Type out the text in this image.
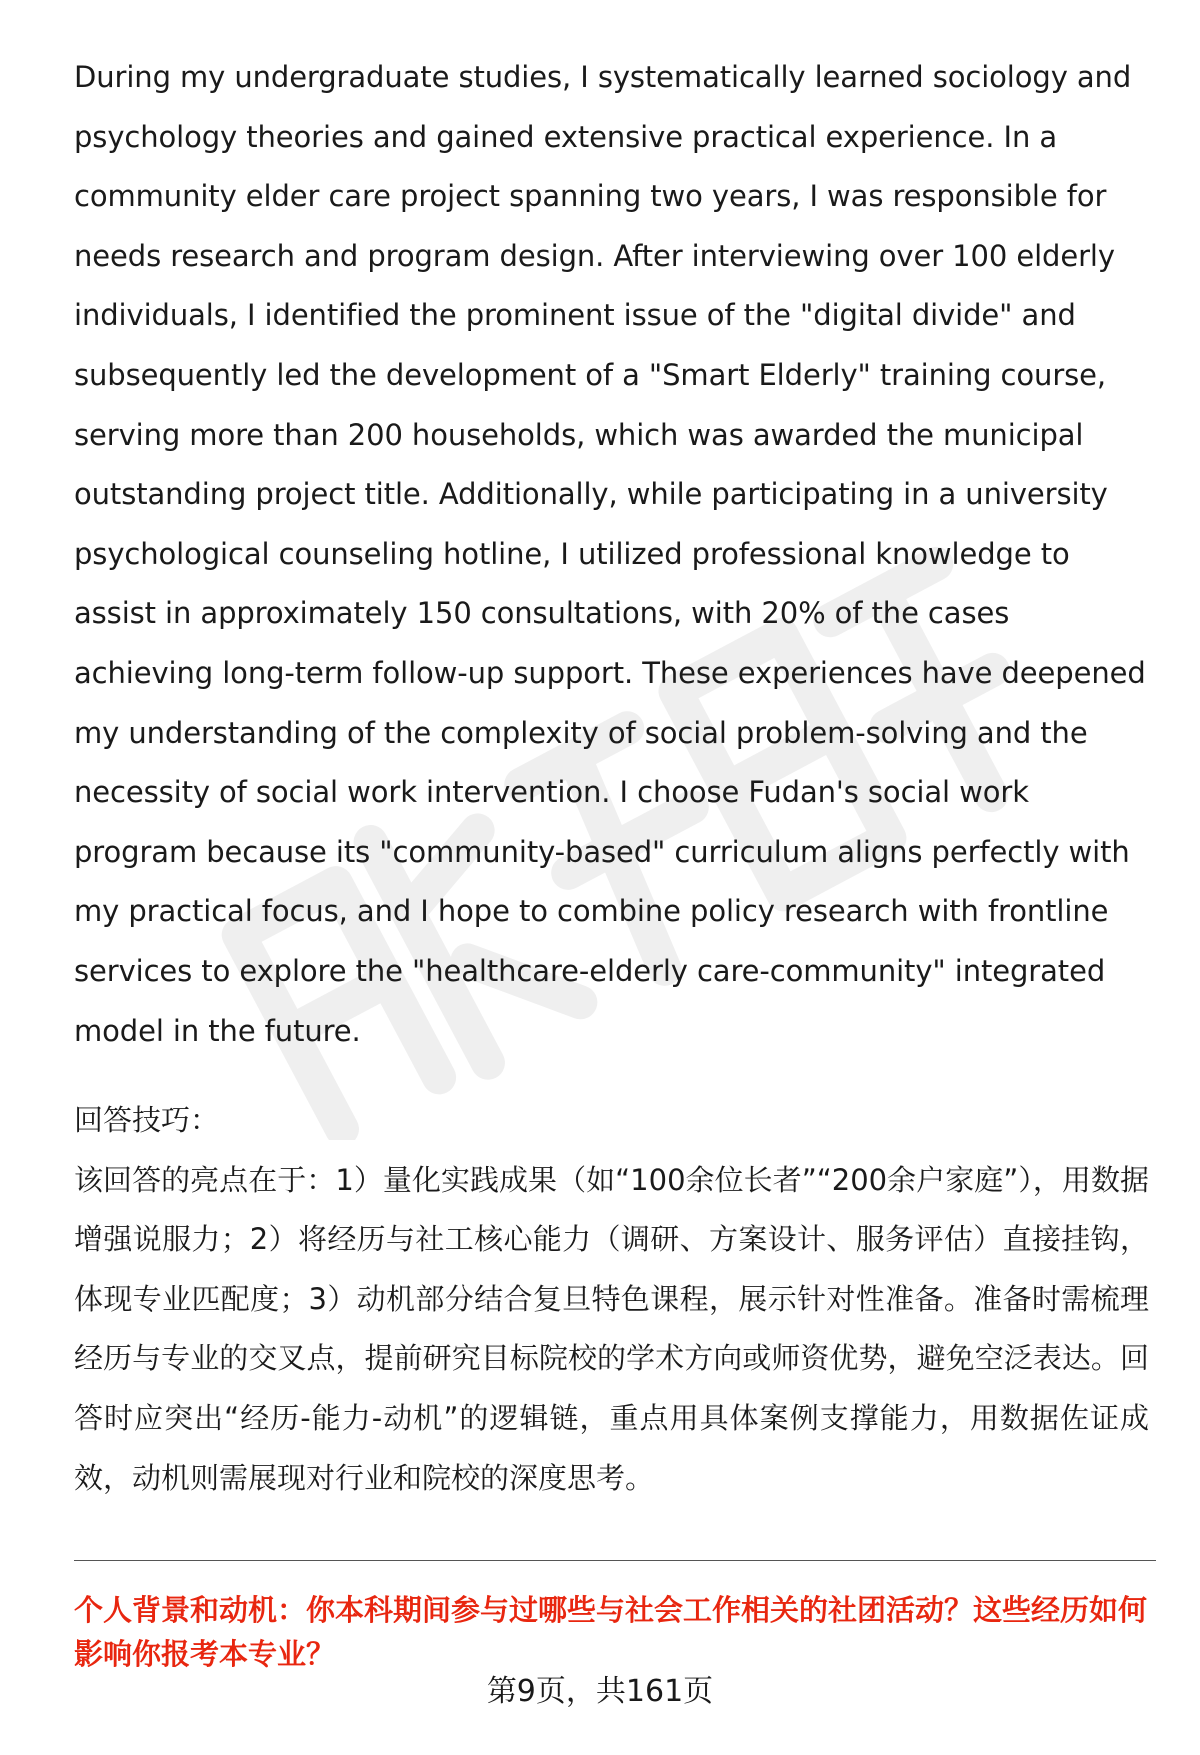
During my undergraduate studies, I systematically learned sociology and psychology theories and gained extensive practical experience. In a community elder care project spanning two years, I was responsible for needs research and program design. After interviewing over 100 elderly individuals, I identified the prominent issue of the "digital divide" and subsequently led the development of a "Smart Elderly" training course, serving more than 200 households, which was awarded the municipal outstanding project title. Additionally, while participating in a university psychological counseling hotline, I utilized professional knowledge to assist in approximately 150 consultations, with 20% of the cases achieving long-term follow-up support. These experiences have deepened my understanding of the complexity of social problem-solving and the necessity of social work intervention. I choose Fudan's social work program because its "community-based" curriculum aligns perfectly with my practical focus, and I hope to combine policy research with frontline services to explore the "healthcare-elderly care-community" integrated model in the future.

回答技巧：

该回答的亮点在于：1）量化实践成果（如“100余位长者”“200余户家庭”），用数据增强说服力；2）将经历与社工核心能力（调研、方案设计、服务评估）直接挂钩，体现专业匹配度；3）动机部分结合复旦特色课程，展示针对性准备。准备时需梳理经历与专业的交叉点，提前研究目标院校的学术方向或师资优势，避免空泛表达。回答时应突出“经历-能力-动机”的逻辑链，重点用具体案例支撑能力，用数据佐证成效，动机则需展现对行业和院校的深度思考。

个人背景和动机：你本科期间参与过哪些与社会工作相关的社团活动？这些经历如何影响你报考本专业？

第9页，共161页
